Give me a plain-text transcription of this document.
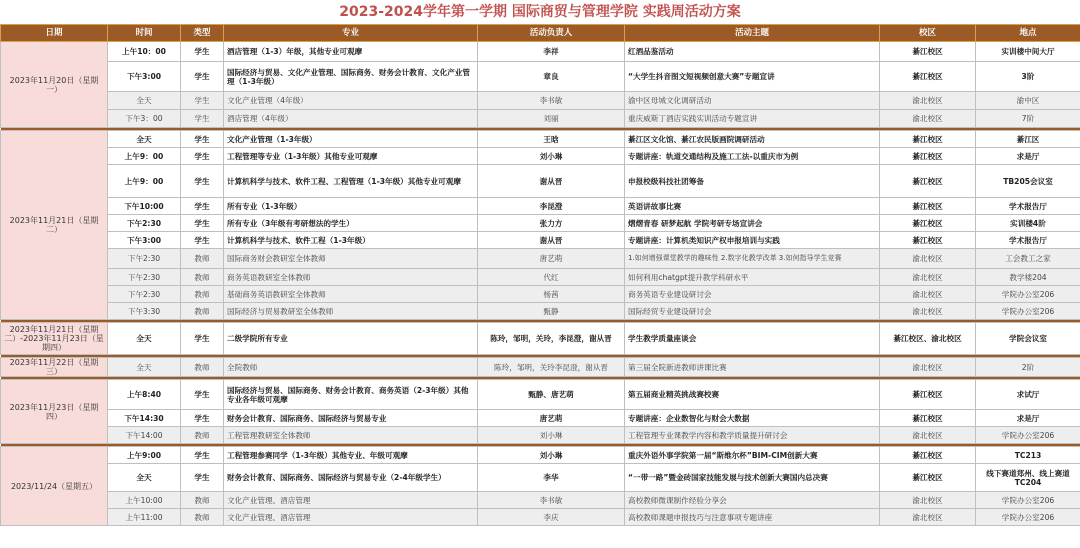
2023-2024学年第一学期 国际商贸与管理学院 实践周活动方案
日期	时间	类型	专业	活动负责人	活动主题	校区	地点
2023年11月20日（星期一）	上午10：00	学生	酒店管理（1-3）年级，其他专业可观摩	李祥	红酒品鉴活动	綦江校区	实训楼中间大厅
	下午3:00	学生	国际经济与贸易、文化产业管理、国际商务、财务会计教育、文化产业管理（1-3年级）	章良	“大学生抖音图文短视频创意大赛”专题宣讲	綦江校区	3阶
	全天	学生	文化产业管理（4年级）	李书敏	渝中区母城文化调研活动	渝北校区	渝中区
	下午3：00	学生	酒店管理（4年级）	刘丽	重庆威斯丁酒店实践实训活动专题宣讲	渝北校区	7阶

2023年11月21日（星期二）	全天	学生	文化产业管理（1-3年级）	王晗	綦江区文化馆、綦江农民版画院调研活动	綦江校区	綦江区
	上午9：00	学生	工程管理等专业（1-3年级）其他专业可观摩	刘小琳	专题讲座：轨道交通结构及施工工法-以重庆市为例	綦江校区	求是厅
	上午9：00	学生	计算机科学与技术、软件工程、工程管理（1-3年级）其他专业可观摩	谢从晋	申报校级科技社团筹备	綦江校区	TB205会议室
	下午10:00	学生	所有专业（1-3年级）	李昆澄	英语讲故事比赛	綦江校区	学术报告厅
	下午2:30	学生	所有专业（3年级有考研想法的学生）	张力方	熠熠青春 研梦起航 学院考研专场宣讲会	綦江校区	实训楼4阶
	下午3:00	学生	计算机科学与技术、软件工程（1-3年级）	谢从晋	专题讲座：计算机类知识产权申报培训与实践	綦江校区	学术报告厅
	下午2:30	教师	国际商务财会教研室全体教师	唐艺萌	1.如何增强课堂教学的趣味性 2.数字化教学改革 3.如何指导学生竞赛	渝北校区	工会教工之家
	下午2:30	教师	商务英语教研室全体教师	代红	如何利用chatgpt提升教学科研水平	渝北校区	教学楼204
	下午2:30	教师	基础商务英语教研室全体教师	杨茜	商务英语专业建设研讨会	渝北校区	学院办公室206
	下午3:30	教师	国际经济与贸易教研室全体教师	甄静	国际经贸专业建设研讨会	渝北校区	学院办公室206

2023年11月21日（星期二）-2023年11月23日（星期四）	全天	学生	二级学院所有专业	陈玲，邹明，关玲，李昆澄，谢从晋	学生教学质量座谈会	綦江校区、渝北校区	学院会议室

2023年11月22日（星期三）	全天	教师	全院教师	陈玲，邹明，关玲李昆澄，谢从晋	第三届全院新进教师讲课比赛	渝北校区	2阶

2023年11月23日（星期四）	上午8:40	学生	国际经济与贸易、国际商务、财务会计教育、商务英语（2-3年级）其他专业各年级可观摩	甄静、唐艺萌	第五届商业精英挑战赛校赛	綦江校区	求试厅
	下午14:30	学生	财务会计教育、国际商务、国际经济与贸易专业	唐艺萌	专题讲座：企业数智化与财会大数据	綦江校区	求是厅
	下午14:00	教师	工程管理教研室全体教师	刘小琳	工程管理专业课教学内容和教学质量提升研讨会	渝北校区	学院办公室206

2023/11/24（星期五）	上午9:00	学生	工程管理参赛同学（1-3年级）其他专业、年级可观摩	刘小琳	重庆外语外事学院第一届“斯维尔杯”BIM-CIM创新大赛	綦江校区	TC213
	全天	学生	财务会计教育、国际商务、国际经济与贸易专业（2-4年级学生）	李华	“一带一路”暨金砖国家技能发展与技术创新大赛国内总决赛	綦江校区	线下赛道郑州、线上赛道TC204
	上午10:00	教师	文化产业管理、酒店管理	李书敏	高校教师微课制作经验分享会	渝北校区	学院办公室206
	上午11:00	教师	文化产业管理、酒店管理	李庆	高校教师课题申报技巧与注意事项专题讲座	渝北校区	学院办公室206
